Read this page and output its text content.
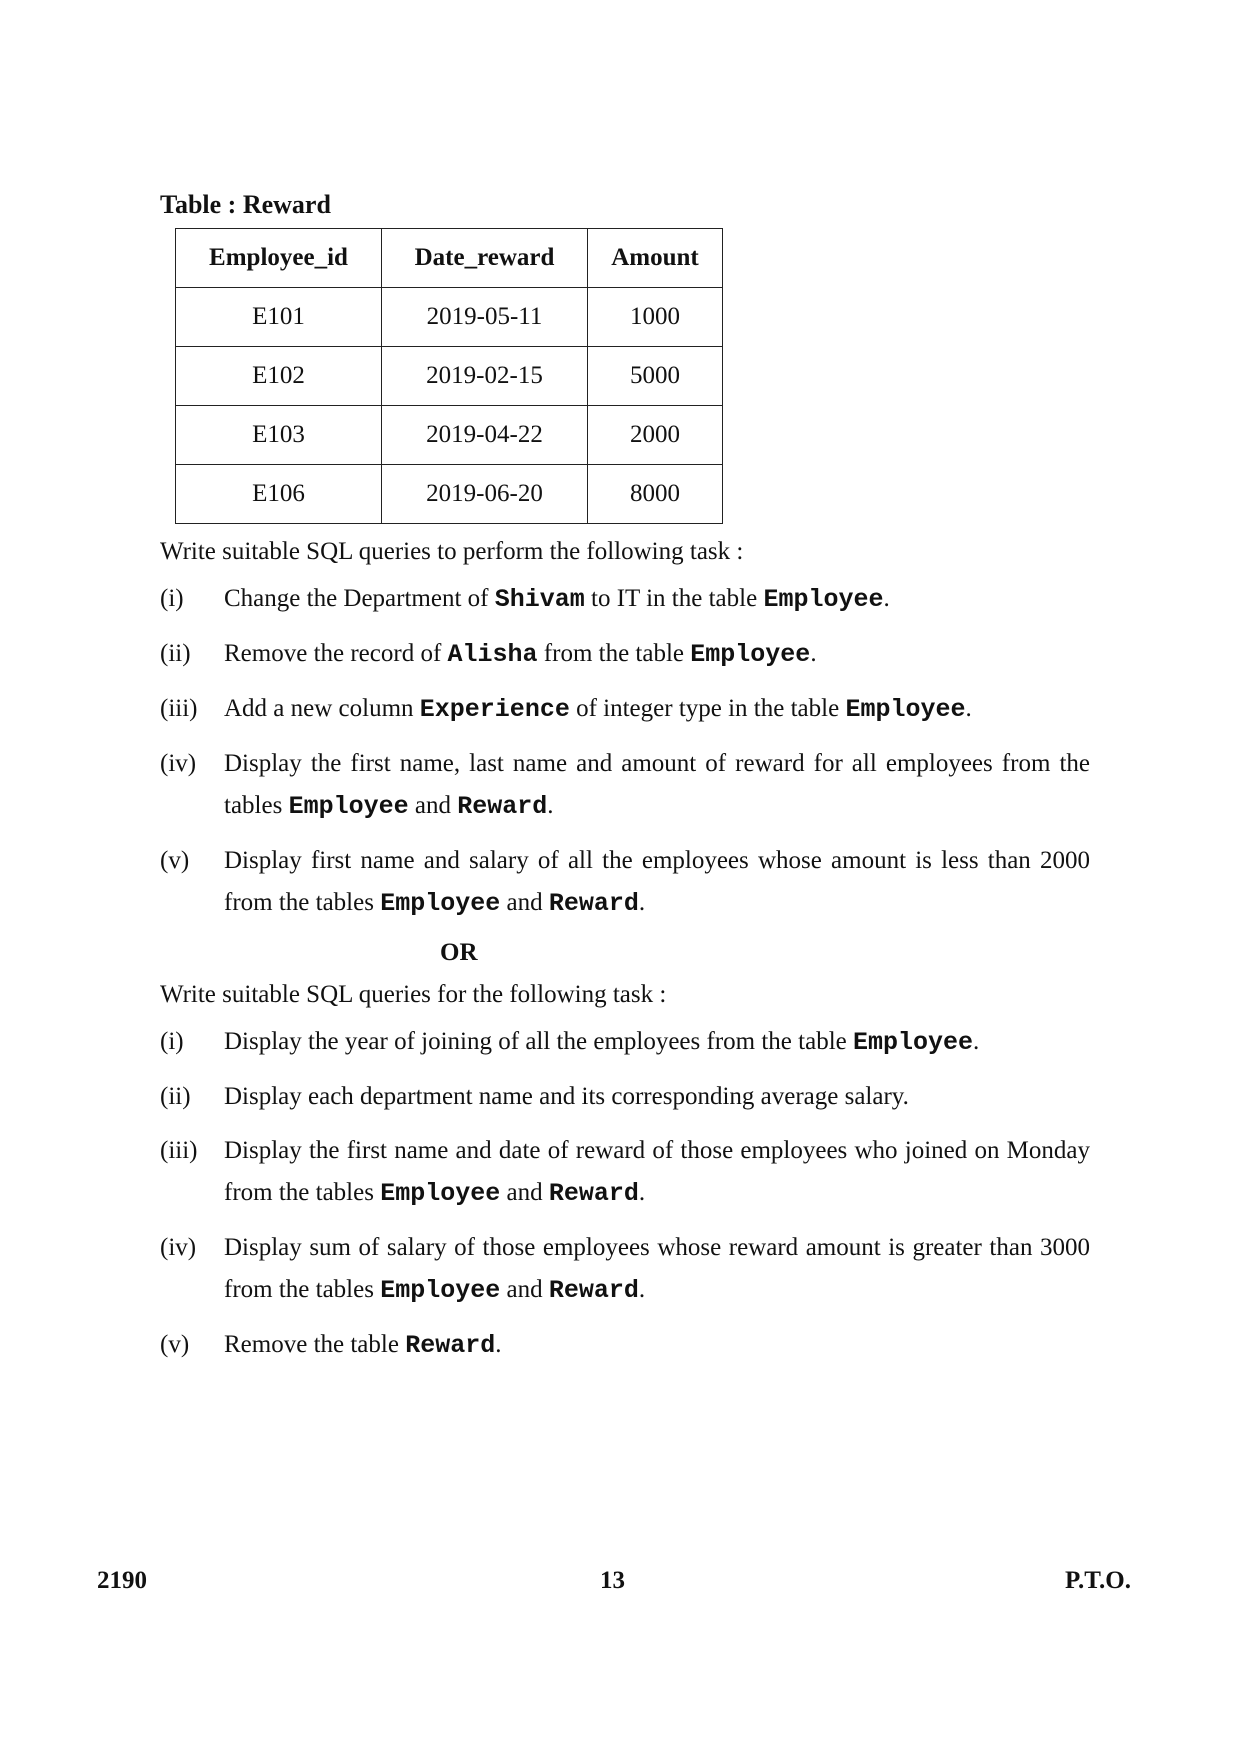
Table : Reward

Employee_id	Date_reward	Amount
E101	2019-05-11	1000
E102	2019-02-15	5000
E103	2019-04-22	2000
E106	2019-06-20	8000

Write suitable SQL queries to perform the following task :

(i)	Change the Department of Shivam to IT in the table Employee.
(ii)	Remove the record of Alisha from the table Employee.
(iii)	Add a new column Experience of integer type in the table Employee.
(iv)	Display the first name, last name and amount of reward for all employees from the tables Employee and Reward.
(v)	Display first name and salary of all the employees whose amount is less than 2000 from the tables Employee and Reward.

OR

Write suitable SQL queries for the following task :

(i)	Display the year of joining of all the employees from the table Employee.
(ii)	Display each department name and its corresponding average salary.
(iii)	Display the first name and date of reward of those employees who joined on Monday from the tables Employee and Reward.
(iv)	Display sum of salary of those employees whose reward amount is greater than 3000 from the tables Employee and Reward.
(v)	Remove the table Reward.
2190	13	P.T.O.
